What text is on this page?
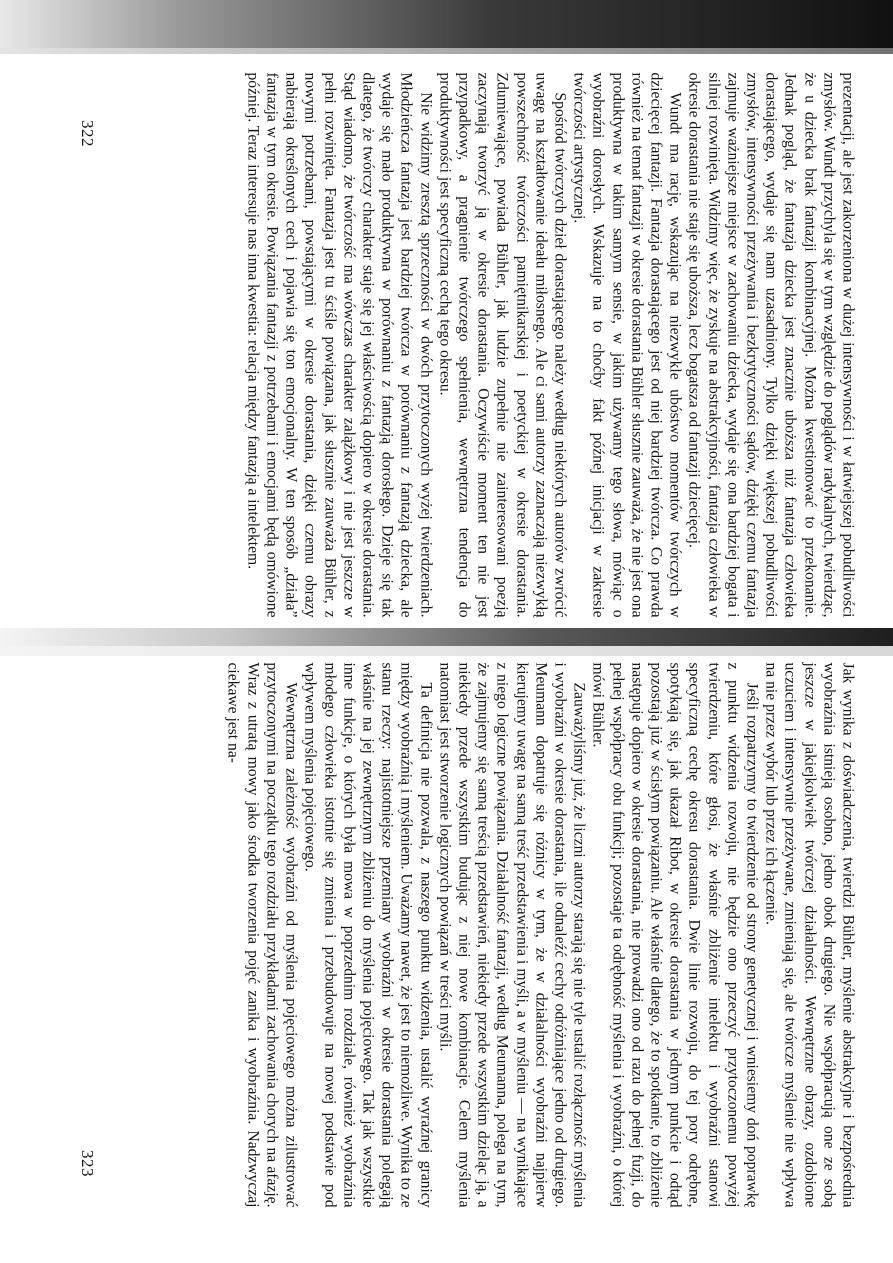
322	prezentacji, ale jest zakorzeniona w dużej intensywności i w łatwiejszej pobudliwości zmysłów. Wundt przychyla się w tym względzie do poglądów radykalnych, twierdząc, że u dziecka brak fantazji kombinacyjnej. Można kwestionować to przekonanie. Jednak pogląd, że fantazja dziecka jest znacznie uboższa niż fantazja człowieka dorastającego, wydaje się nam uzasadniony. Tylko dzięki większej pobudliwości zmysłów, intensywności przeżywania i bezkrytyczności sądów, dzięki czemu fantazja zajmuje ważniejsze miejsce w zachowaniu dziecka, wydaje się ona bardziej bogata i silniej rozwinięta. Widzimy więc, że zyskuje na abstrakcyjności, fantazja człowieka w okresie dorastania nie staje się uboższa, lecz bogatsza od fantazji dziecięcej.

Wundt ma rację, wskazując na niezwykle ubóstwo momentów twórczych w dziecięcej fantazji. Fantazja dorastającego jest od niej bardziej twórcza. Co prawda również na temat fantazji w okresie dorastania Bühler słusznie zauważa, że nie jest ona produktywna w takim samym sensie, w jakim używamy tego słowa, mówiąc o wyobraźni dorosłych. Wskazuje na to choćby fakt późnej inicjacji w zakresie twórczości artystycznej.

Spośród twórczych dzieł dorastającego należy według niektórych autorów zwrócić uwagę na kształtowanie ideału miłosnego. Ale ci sami autorzy zaznaczają niezwykłą powszechność twórczości pamiętnikarskiej i poetyckiej w okresie dorastania. Zdumiewające, powiada Bühler, jak ludzie zupełnie nie zainteresowani poezją zaczynają tworzyć ją w okresie dorastania. Oczywiście moment ten nie jest przypadkowy, a pragnienie twórczego spełnienia, wewnętrzna tendencja do produktywności jest specyficzną cechą tego okresu.

Nie widzimy zresztą sprzeczności w dwóch przytoczonych wyżej twierdzeniach. Młodzieńcza fantazja jest bardziej twórcza w porównaniu z fantazją dziecka, ale wydaje się mało produktywna w porównaniu z fantazją dorosłego. Dzieje się tak dlatego, że twórczy charakter staje się jej właściwością dopiero w okresie dorastania. Stąd wiadomo, że twórczość ma wówczas charakter zalążkowy i nie jest jeszcze w pełni rozwinięta. Fantazja jest tu ściśle powiązana, jak słusznie zauważa Bühler, z nowymi potrzebami, powstającymi w okresie dorastania, dzięki czemu obrazy nabierają określonych cech i pojawia się ton emocjonalny. W ten sposób „działa” fantazja w tym okresie. Powiązania fantazji z potrzebami i emocjami będą omówione później. Teraz interesuje nas inna kwestia: relacja między fantazją a intelektem.

323	Jak wynika z doświadczenia, twierdzi Bühler, myślenie abstrakcyjne i bezpośrednia wyobraźnia istnieją osobno, jedno obok drugiego. Nie współpracują one ze sobą jeszcze w jakiejkolwiek twórczej działalności. Wewnętrzne obrazy, ozdobione uczuciem i intensywnie przeżywane, zmieniają się, ale twórcze myślenie nie wpływa na nie przez wybór lub przez ich łączenie.

Jeśli rozpatrzymy to twierdzenie od strony genetycznej i wniesiemy doń poprawkę z punktu widzenia rozwoju, nie będzie ono przeczyć przytoczonemu powyżej twierdzeniu, które głosi, że właśnie zbliżenie intelektu i wyobraźni stanowi specyficzną cechę okresu dorastania. Dwie linie rozwoju, do tej pory odrębne, spotykają się, jak ukazał Ribot, w okresie dorastania w jednym punkcie i odtąd pozostają już w ścisłym powiązaniu. Ale właśnie dlatego, że to spotkanie, to zbliżenie następuje dopiero w okresie dorastania, nie prowadzi ono od razu do pełnej fuzji, do pełnej współpracy obu funkcji; pozostaje ta odrębność myślenia i wyobraźni, o której mówi Bühler.

Zauważyliśmy już, że liczni autorzy starają się nie tyle ustalić rozłączność myślenia i wyobraźni w okresie dorastania, ile odnaleźć cechy odróżniające jedno od drugiego. Meumann dopatruje się różnicy w tym, że w działalności wyobraźni najpierw kierujemy uwagę na samą treść przedstawienia i myśli, a w myśleniu — na wynikające z niego logiczne powiązania. Działalność fantazji, według Meumanna, polega na tym, że zajmujemy się samą treścią przedstawień, niekiedy przede wszystkim dzieląc ją, a niekiedy przede wszystkim budując z niej nowe kombinacje. Celem myślenia natomiast jest stworzenie logicznych powiązań w treści myśli.

Ta definicja nie pozwala, z naszego punktu widzenia, ustalić wyraźnej granicy między wyobraźnią i myśleniem. Uważamy nawet, że jest to niemożliwe. Wynika to ze stanu rzeczy: najistotniejsze przemiany wyobraźni w okresie dorastania polegają właśnie na jej zewnętrznym zbliżeniu do myślenia pojęciowego. Tak jak wszystkie inne funkcje, o których była mowa w poprzednim rozdziale, również wyobraźnia młodego człowieka istotnie się zmienia i przebudowuje na nowej podstawie pod wpływem myślenia pojęciowego.

Wewnętrzna zależność wyobraźni od myślenia pojęciowego można zilustrować przytoczonymi na początku tego rozdziału przykładami zachowania chorych na afazję. Wraz z utratą mowy jako środka tworzenia pojęć zanika i wyobraźnia. Nadzwyczaj ciekawe jest na-
